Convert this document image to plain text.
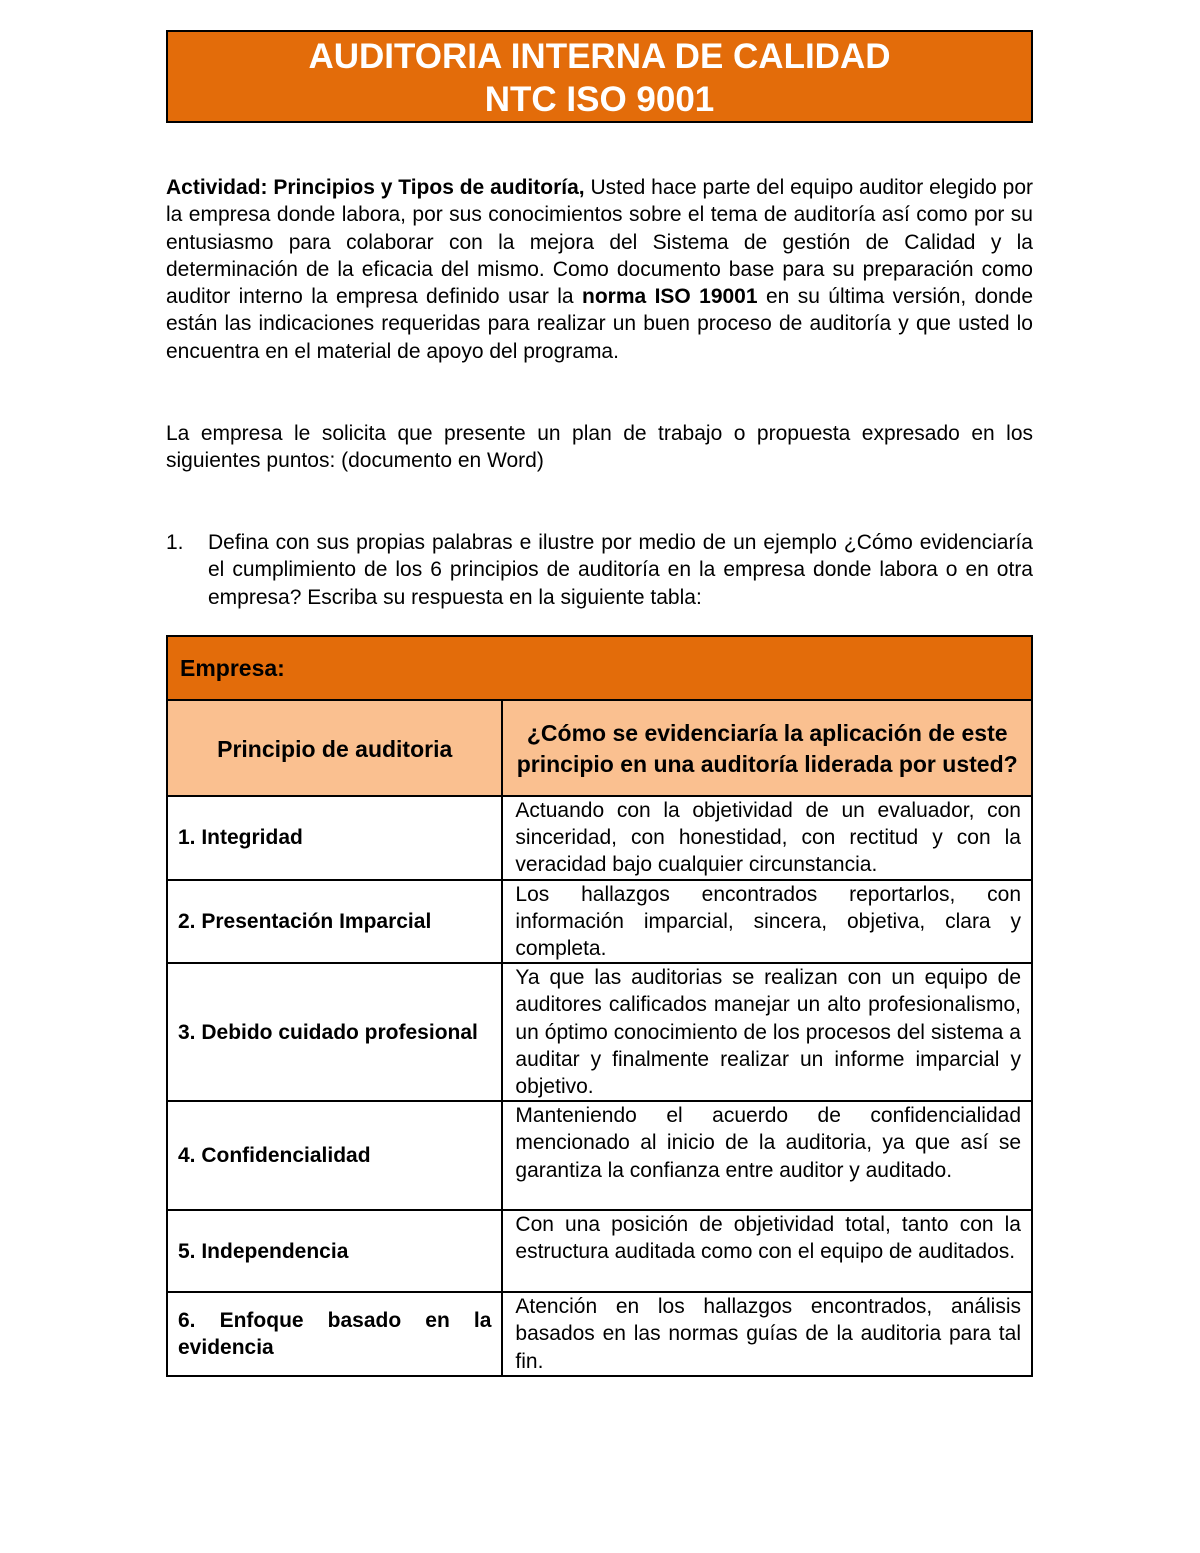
AUDITORIA INTERNA DE CALIDAD
NTC ISO 9001

Actividad: Principios y Tipos de auditoría, Usted hace parte del equipo auditor elegido por la empresa donde labora, por sus conocimientos sobre el tema de auditoría así como por su entusiasmo para colaborar con la mejora del Sistema de gestión de Calidad y la determinación de la eficacia del mismo. Como documento base para su preparación como auditor interno la empresa definido usar la norma ISO 19001 en su última versión, donde están las indicaciones requeridas para realizar un buen proceso de auditoría y que usted lo encuentra en el material de apoyo del programa.

La empresa le solicita que presente un plan de trabajo o propuesta expresado en los siguientes puntos: (documento en Word)

1. Defina con sus propias palabras e ilustre por medio de un ejemplo ¿Cómo evidenciaría el cumplimiento de los 6 principios de auditoría en la empresa donde labora o en otra empresa? Escriba su respuesta en la siguiente tabla:
Empresa:	
Principio de auditoria	¿Cómo se evidenciaría la aplicación de este principio en una auditoría liderada por usted?
1. Integridad	Actuando con la objetividad de un evaluador, con sinceridad, con honestidad, con rectitud y con la veracidad bajo cualquier circunstancia.
2. Presentación Imparcial	Los hallazgos encontrados reportarlos, con información imparcial, sincera, objetiva, clara y completa.
3. Debido cuidado profesional	Ya que las auditorias se realizan con un equipo de auditores calificados manejar un alto profesionalismo, un óptimo conocimiento de los procesos del sistema a auditar y finalmente realizar un informe imparcial y objetivo.
4. Confidencialidad	Manteniendo el acuerdo de confidencialidad mencionado al inicio de la auditoria, ya que así se garantiza la confianza entre auditor y auditado.
5. Independencia	Con una posición de objetividad total, tanto con la estructura auditada como con el equipo de auditados.
6. Enfoque basado en la evidencia	Atención en los hallazgos encontrados, análisis basados en las normas guías de la auditoria para tal fin.
